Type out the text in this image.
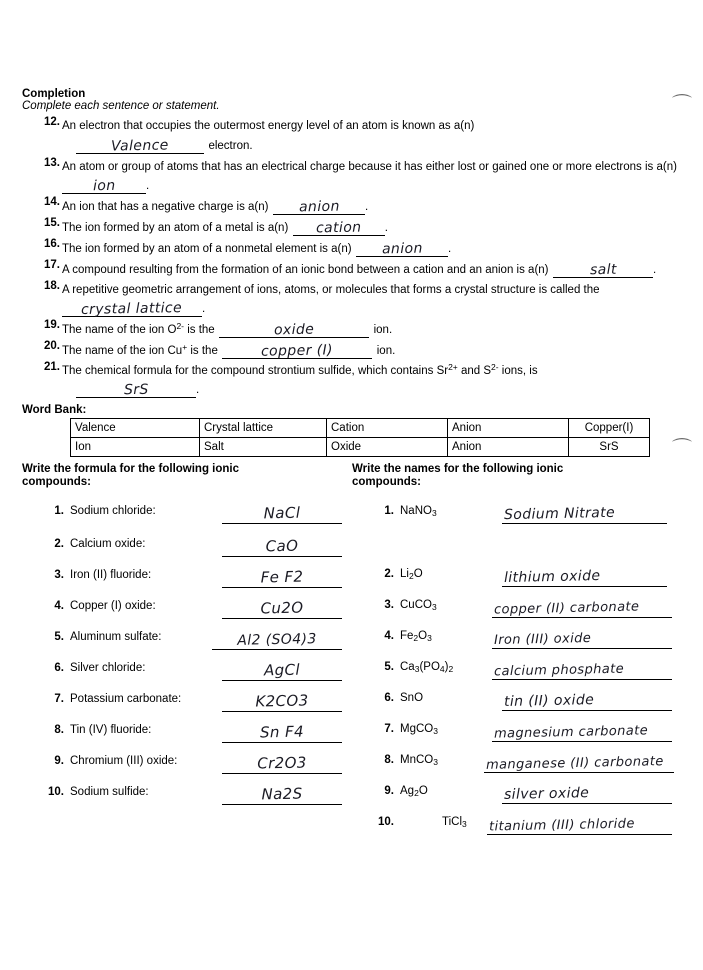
⌒
⌒
Completion
Complete each sentence or statement.
12. An electron that occupies the outermost energy level of an atom is known as a(n)
Valence	electron.
13. An atom or group of atoms that has an electrical charge because it has either lost or gained one or more electrons is a(n) ion	.
14. An ion that has a negative charge is a(n) anion .
15. The ion formed by an atom of a metal is a(n) cation .
16. The ion formed by an atom of a nonmetal element is a(n) anion .
17. A compound resulting from the formation of an ionic bond between a cation and an anion is a(n)	salt	.
18. A repetitive geometric arrangement of ions, atoms, or molecules that forms a crystal structure is called the crystal lattice .
19. The name of the ion $O^{2-}$ is the	oxide	ion.
20. The name of the ion Cu+ is the	copper (I)	ion.
21. The chemical formula for the compound strontium sulfide, which contains $Sr^{2+}$ and $S^{2-}$ ions, is
SrS	.
Word Bank:
Valence	Crystal lattice	Cation	Anion	Copper(I)
Ion	Salt	Oxide	Anion	SrS
Write the formula for the following ionic
compounds:
1. Sodium chloride:	NaCl
2. Calcium oxide:	CaO
3. Iron (II) fluoride:	Fe F2
4. Copper (I) oxide:	Cu2O
5. Aluminum sulfate:	Al2 (SO4)3
6. Silver chloride:	AgCl
7. Potassium carbonate:	K2CO3
8. Tin (IV) fluoride:	Sn F4
9. Chromium (III) oxide:	Cr2O3
10. Sodium sulfide:	Na2S
Write the names for the following ionic
compounds:
1. NaNO$_3$	Sodium Nitrate
2. $Li_2O$	lithium oxide
3. CuCO$_3$	copper (II) carbonate
4. $Fe_2O_3$	Iron (III) oxide
5. $Ca_3(PO_4)_2$	calcium phosphate
6. SnO	tin (II) oxide
7. MgCO$_3$	magnesium carbonate
8. MnCO$_3$	manganese (II) carbonate
9. $Ag_2O$	silver oxide
10.	TiCl$_3$ titanium (III) chloride
